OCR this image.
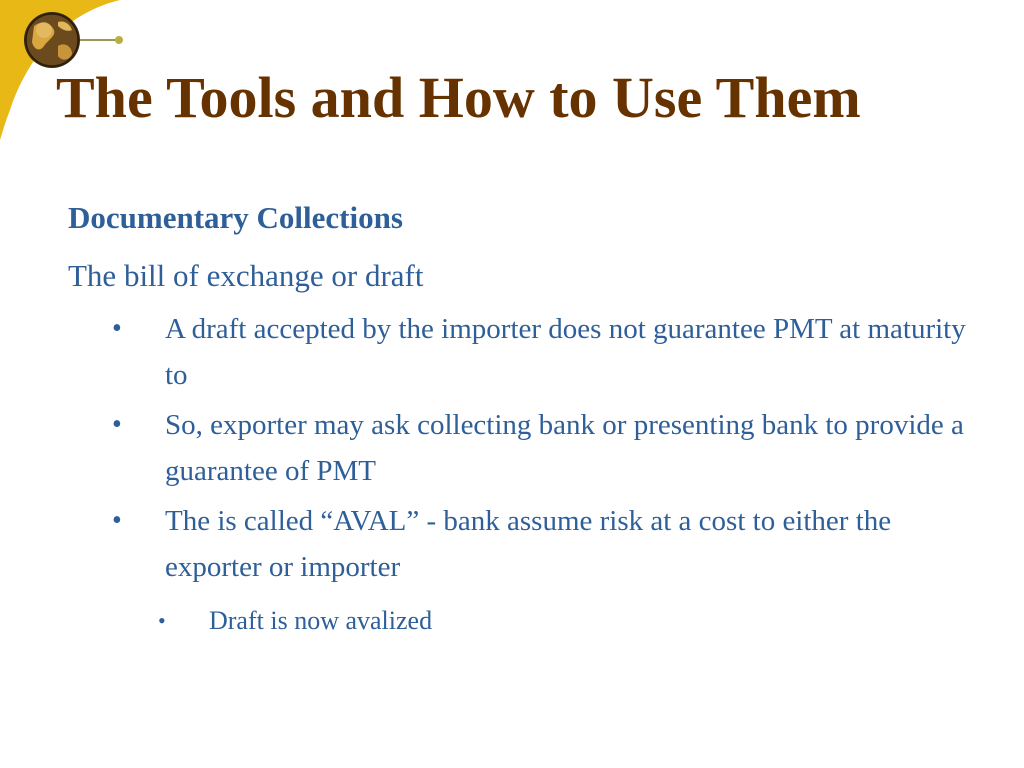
The Tools and How to Use Them
Documentary Collections
The bill of exchange or draft
• A draft accepted by the importer does not guarantee PMT at maturity to
• So, exporter may ask collecting bank or presenting bank to provide a guarantee of PMT
• The is called “AVAL” - bank assume risk at a cost to either the exporter or importer
• Draft is now avalized
